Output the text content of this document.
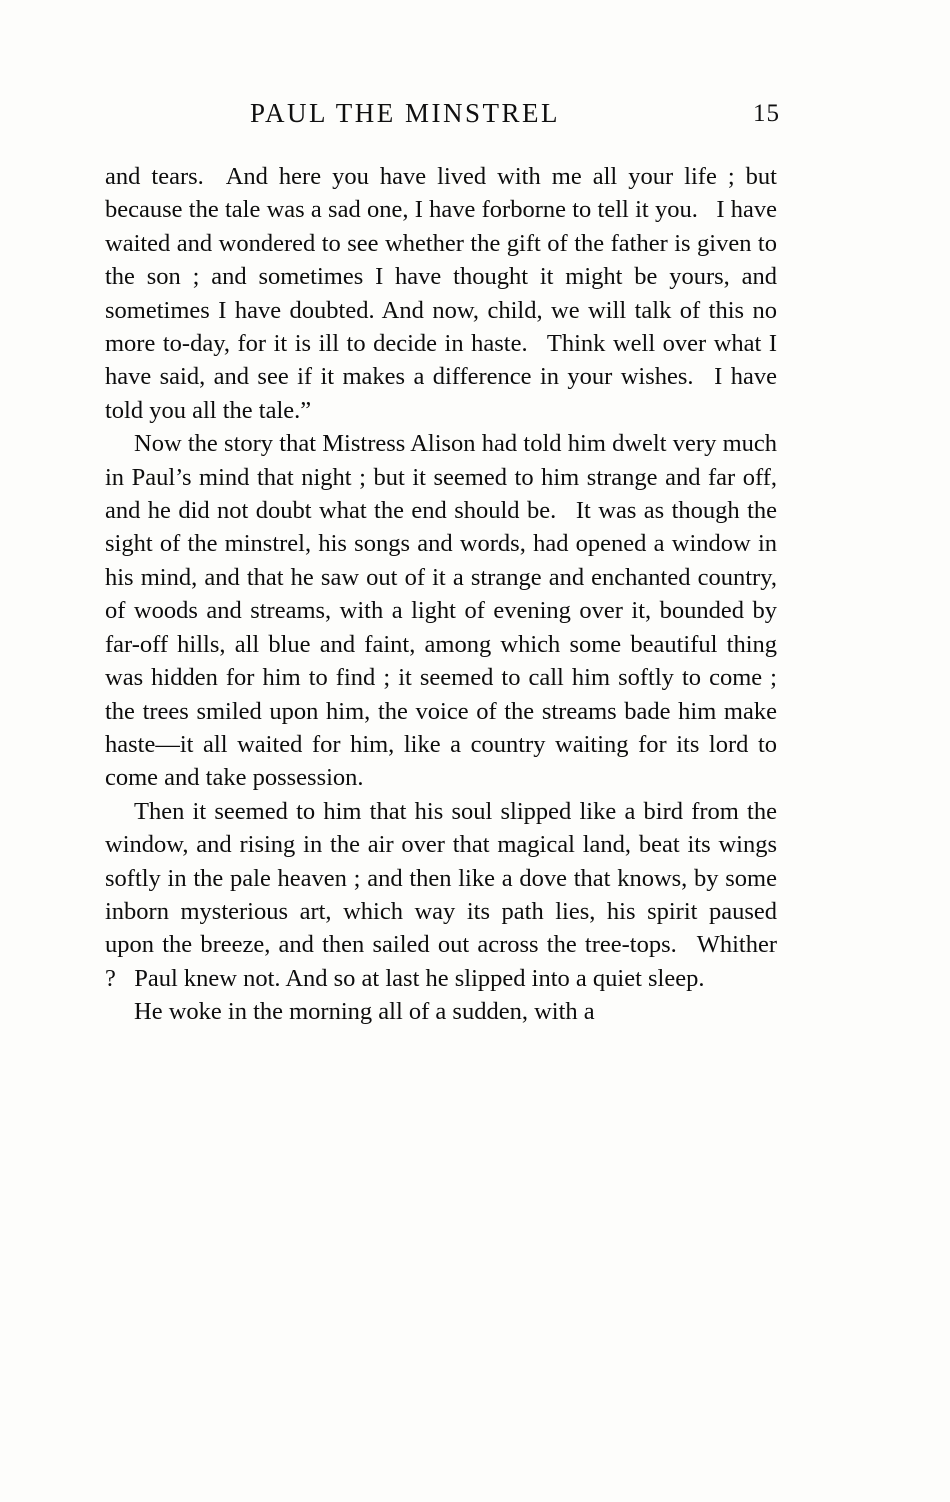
PAUL THE MINSTREL	15

and tears.  And here you have lived with me all your life ; but because the tale was a sad one, I have forborne to tell it you.  I have waited and wondered to see whether the gift of the father is given to the son ; and sometimes I have thought it might be yours, and sometimes I have doubted. And now, child, we will talk of this no more to-day, for it is ill to decide in haste.  Think well over what I have said, and see if it makes a difference in your wishes.  I have told you all the tale.”

Now the story that Mistress Alison had told him dwelt very much in Paul’s mind that night ; but it seemed to him strange and far off, and he did not doubt what the end should be.  It was as though the sight of the minstrel, his songs and words, had opened a window in his mind, and that he saw out of it a strange and enchanted country, of woods and streams, with a light of evening over it, bounded by far-off hills, all blue and faint, among which some beautiful thing was hidden for him to find ; it seemed to call him softly to come ; the trees smiled upon him, the voice of the streams bade him make haste—it all waited for him, like a country waiting for its lord to come and take possession.

Then it seemed to him that his soul slipped like a bird from the window, and rising in the air over that magical land, beat its wings softly in the pale heaven ; and then like a dove that knows, by some inborn mysterious art, which way its path lies, his spirit paused upon the breeze, and then sailed out across the tree-tops.  Whither ?  Paul knew not. And so at last he slipped into a quiet sleep.

He woke in the morning all of a sudden, with a
